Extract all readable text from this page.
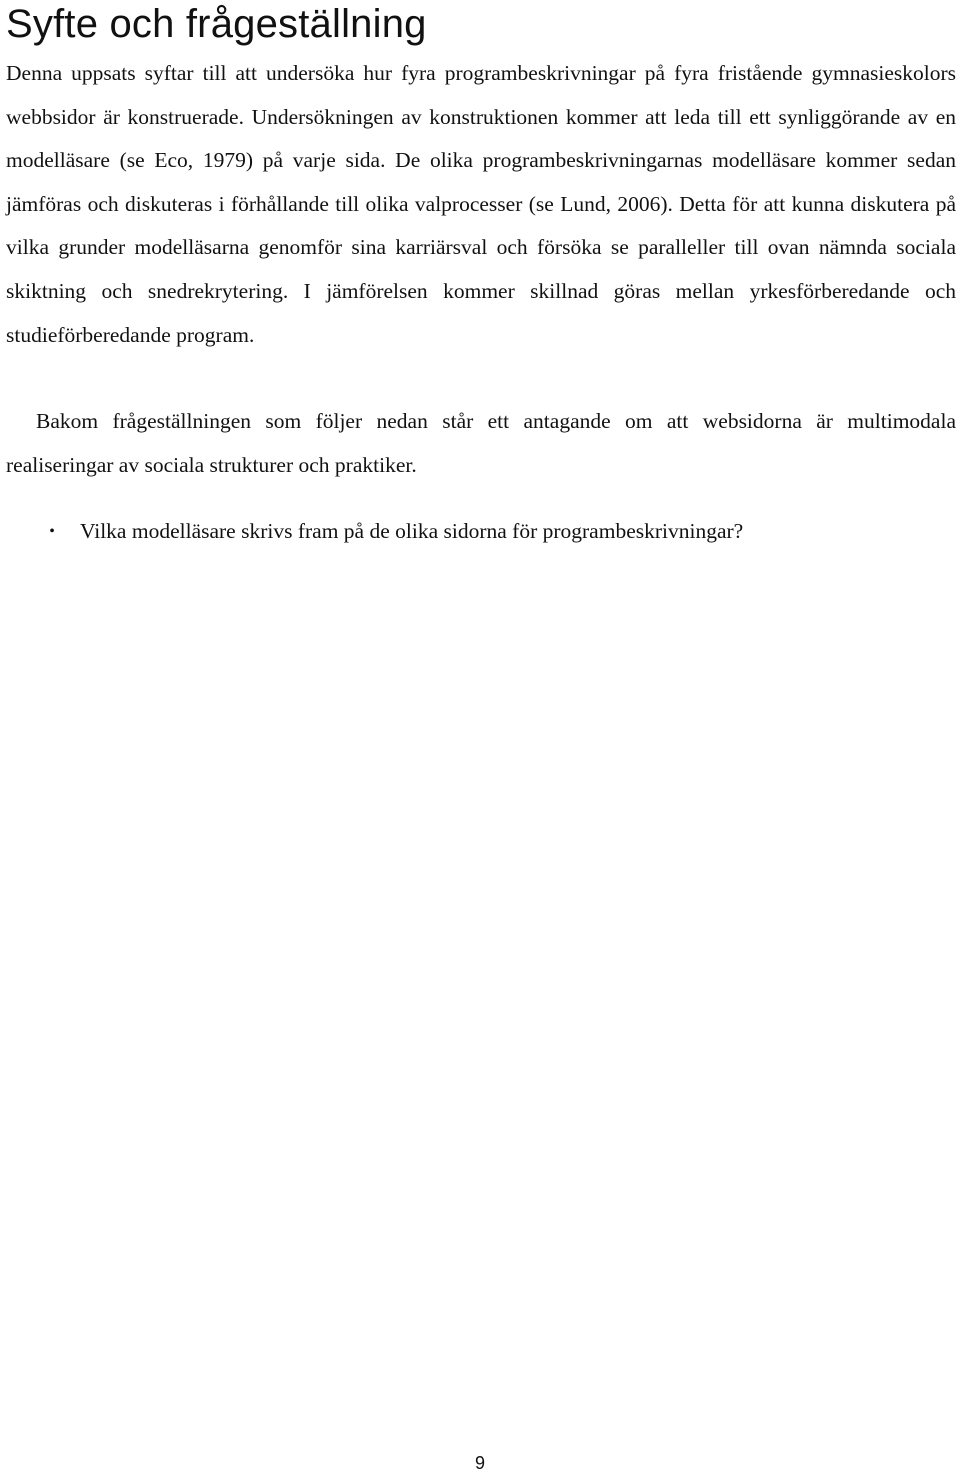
Syfte och frågeställning

Denna uppsats syftar till att undersöka hur fyra programbeskrivningar på fyra fristående gymnasieskolors webbsidor är konstruerade. Undersökningen av konstruktionen kommer att leda till ett synliggörande av en modelläsare (se Eco, 1979) på varje sida. De olika programbeskrivningarnas modelläsare kommer sedan jämföras och diskuteras i förhållande till olika valprocesser (se Lund, 2006). Detta för att kunna diskutera på vilka grunder modelläsarna genomför sina karriärsval och försöka se paralleller till ovan nämnda sociala skiktning och snedrekrytering. I jämförelsen kommer skillnad göras mellan yrkesförberedande och studieförberedande program.

Bakom frågeställningen som följer nedan står ett antagande om att websidorna är multimodala realiseringar av sociala strukturer och praktiker.

•	Vilka modelläsare skrivs fram på de olika sidorna för programbeskrivningar?
9
